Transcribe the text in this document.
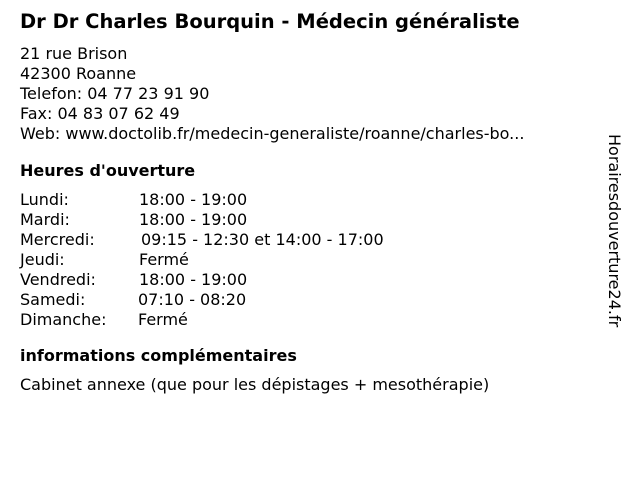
Dr Dr Charles Bourquin - Médecin généraliste
21 rue Brison
42300 Roanne
Telefon: 04 77 23 91 90
Fax: 04 83 07 62 49
Web: www.doctolib.fr/medecin-generaliste/roanne/charles-bo...
Heures d'ouverture
Lundi:	18:00 - 19:00
Mardi:	18:00 - 19:00
Mercredi:	09:15 - 12:30 et 14:00 - 17:00
Jeudi:	Fermé
Vendredi:	18:00 - 19:00
Samedi:	07:10 - 08:20
Dimanche: Fermé
informations complémentaires
Cabinet annexe (que pour les dépistages + mesothérapie)
Horairesdouverture24.fr
